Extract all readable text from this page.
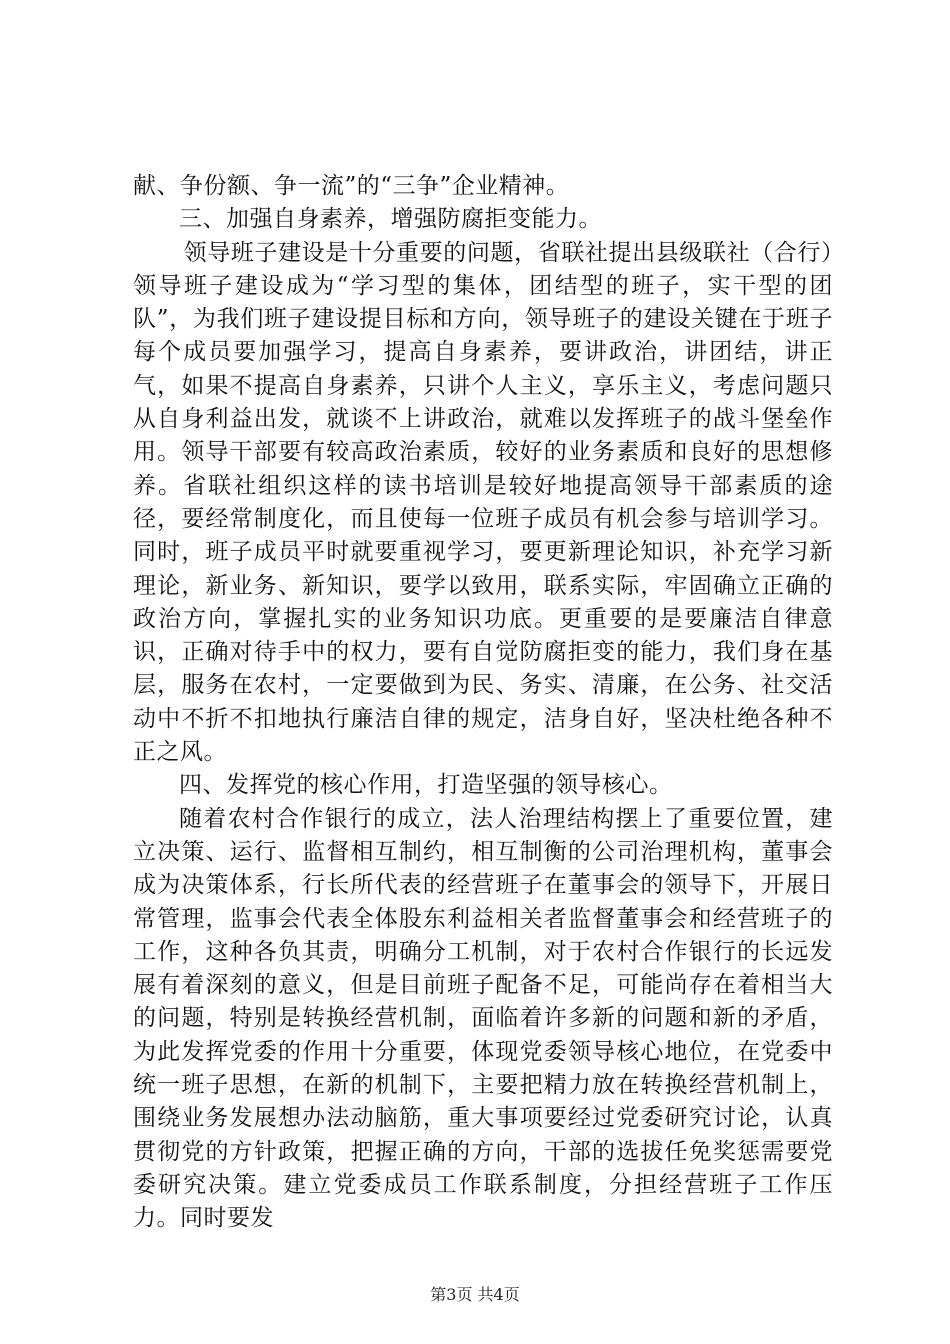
献、争份额、争一流”的“三争”企业精神。

三、加强自身素养，增强防腐拒变能力。

领导班子建设是十分重要的问题，省联社提出县级联社（合行）领导班子建设成为“学习型的集体，团结型的班子，实干型的团队”，为我们班子建设提目标和方向，领导班子的建设关键在于班子每个成员要加强学习，提高自身素养，要讲政治，讲团结，讲正气，如果不提高自身素养，只讲个人主义，享乐主义，考虑问题只从自身利益出发，就谈不上讲政治，就难以发挥班子的战斗堡垒作用。领导干部要有较高政治素质，较好的业务素质和良好的思想修养。省联社组织这样的读书培训是较好地提高领导干部素质的途径，要经常制度化，而且使每一位班子成员有机会参与培训学习。同时，班子成员平时就要重视学习，要更新理论知识，补充学习新理论，新业务、新知识，要学以致用，联系实际，牢固确立正确的政治方向，掌握扎实的业务知识功底。更重要的是要廉洁自律意识，正确对待手中的权力，要有自觉防腐拒变的能力，我们身在基层，服务在农村，一定要做到为民、务实、清廉，在公务、社交活动中不折不扣地执行廉洁自律的规定，洁身自好，坚决杜绝各种不正之风。

四、发挥党的核心作用，打造坚强的领导核心。

随着农村合作银行的成立，法人治理结构摆上了重要位置，建立决策、运行、监督相互制约，相互制衡的公司治理机构，董事会成为决策体系，行长所代表的经营班子在董事会的领导下，开展日常管理，监事会代表全体股东利益相关者监督董事会和经营班子的工作，这种各负其责，明确分工机制，对于农村合作银行的长远发展有着深刻的意义，但是目前班子配备不足，可能尚存在着相当大的问题，特别是转换经营机制，面临着许多新的问题和新的矛盾，为此发挥党委的作用十分重要，体现党委领导核心地位，在党委中统一班子思想，在新的机制下，主要把精力放在转换经营机制上，围绕业务发展想办法动脑筋，重大事项要经过党委研究讨论，认真贯彻党的方针政策，把握正确的方向，干部的选拔任免奖惩需要党委研究决策。建立党委成员工作联系制度，分担经营班子工作压力。同时要发

第3页 共4页
